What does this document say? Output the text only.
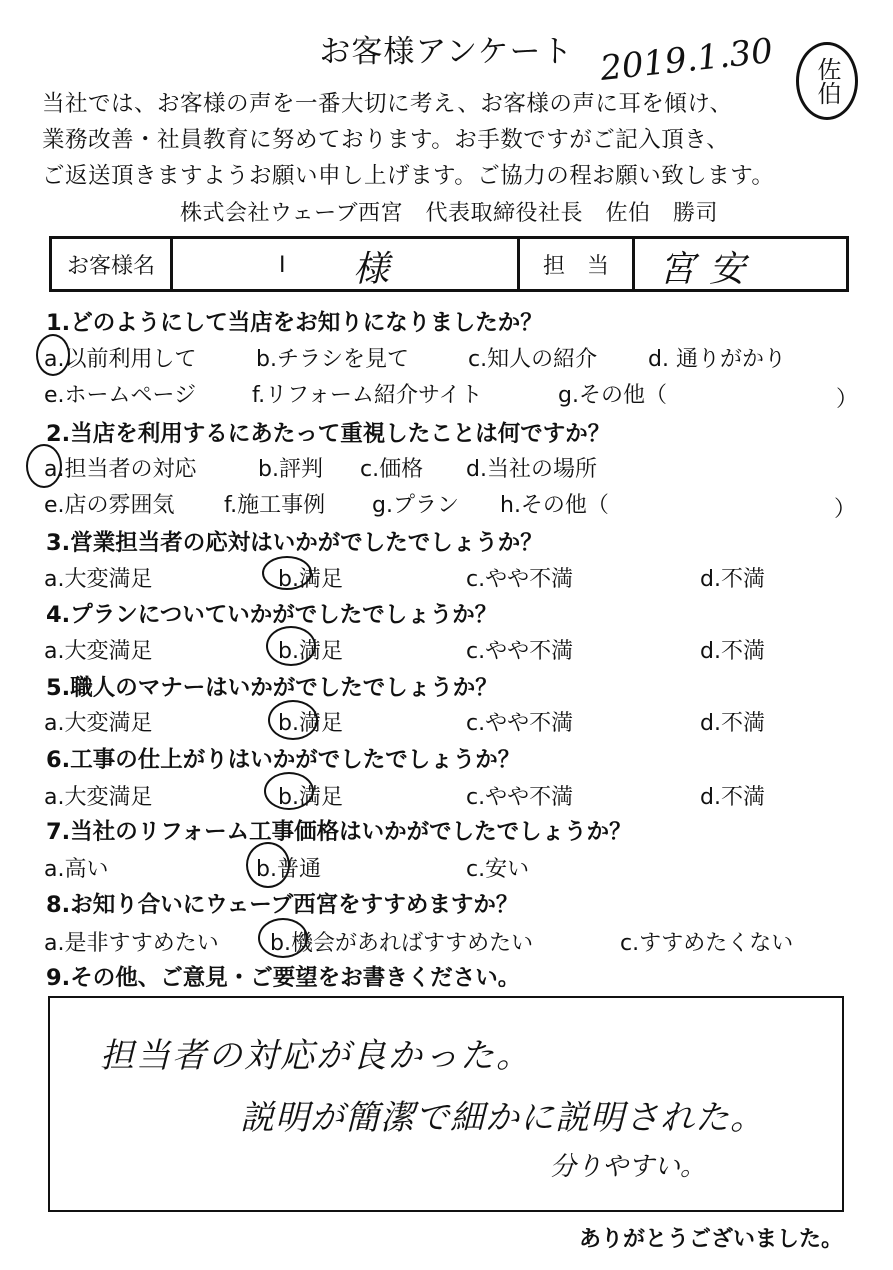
お客様アンケート 2019.1.30 佐伯
当社では、お客様の声を一番大切に考え、お客様の声に耳を傾け、
業務改善・社員教育に努めております。お手数ですがご記入頂き、
ご返送頂きますようお願い申し上げます。ご協力の程お願い致します。
株式会社ウェーブ西宮　代表取締役社長　佐伯　勝司
お客様名	I 様	担　当	宮安
1.どのようにして当店をお知りになりましたか？
a.以前利用して	b.チラシを見て	c.知人の紹介 d. 通りがかり
e.ホームページ	f.リフォーム紹介サイト	g.その他（	）
2.当店を利用するにあたって重視したことは何ですか？
a.担当者の対応	b.評判 c.価格 d.当社の場所
e.店の雰囲気 f.施工事例 g.プラン h.その他（	）
3.営業担当者の応対はいかがでしたでしょうか？
a.大変満足	b.満足	c.やや不満	d.不満
4.プランについていかがでしたでしょうか？
a.大変満足	b.満足	c.やや不満	d.不満
5.職人のマナーはいかがでしたでしょうか？
a.大変満足	b.満足	c.やや不満	d.不満
6.工事の仕上がりはいかがでしたでしょうか？
a.大変満足	b.満足	c.やや不満	d.不満
7.当社のリフォーム工事価格はいかがでしたでしょうか？
a.高い	b.普通	c.安い
8.お知り合いにウェーブ西宮をすすめますか？
a.是非すすめたい b.機会があればすすめたい	c.すすめたくない
9.その他、ご意見・ご要望をお書きください。
担当者の対応が良かった。
説明が簡潔で細かに説明された。
分りやすい。
ありがとうございました。
